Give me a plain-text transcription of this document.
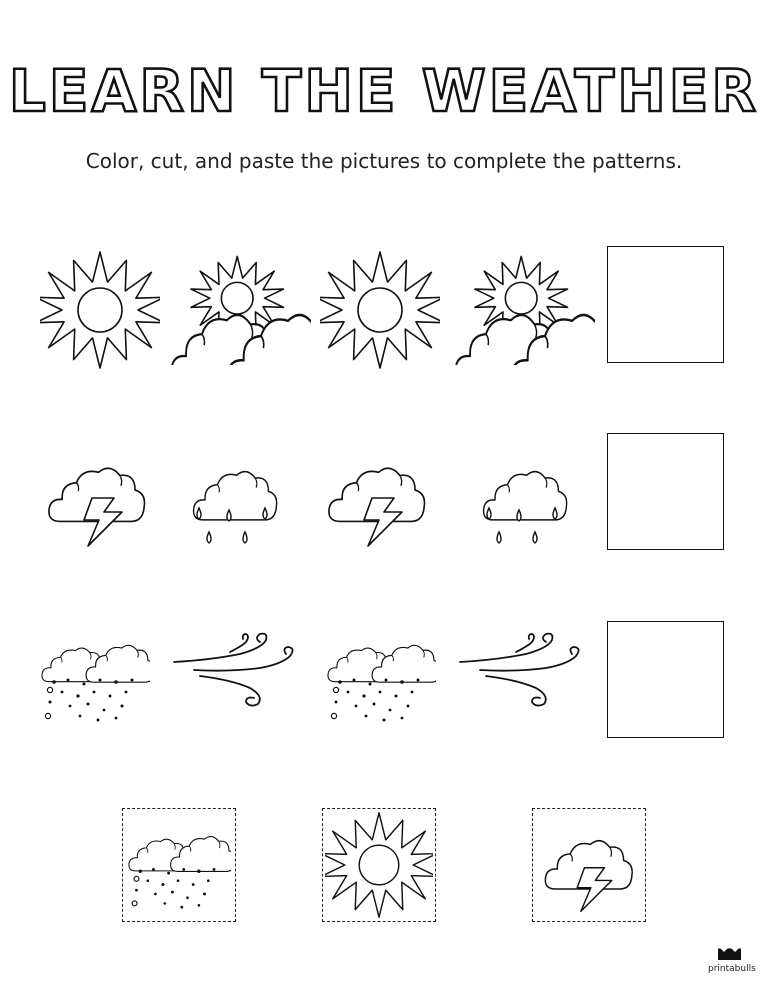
LEARN THE WEATHER
Color, cut, and paste the pictures to complete the patterns.
printabulls
